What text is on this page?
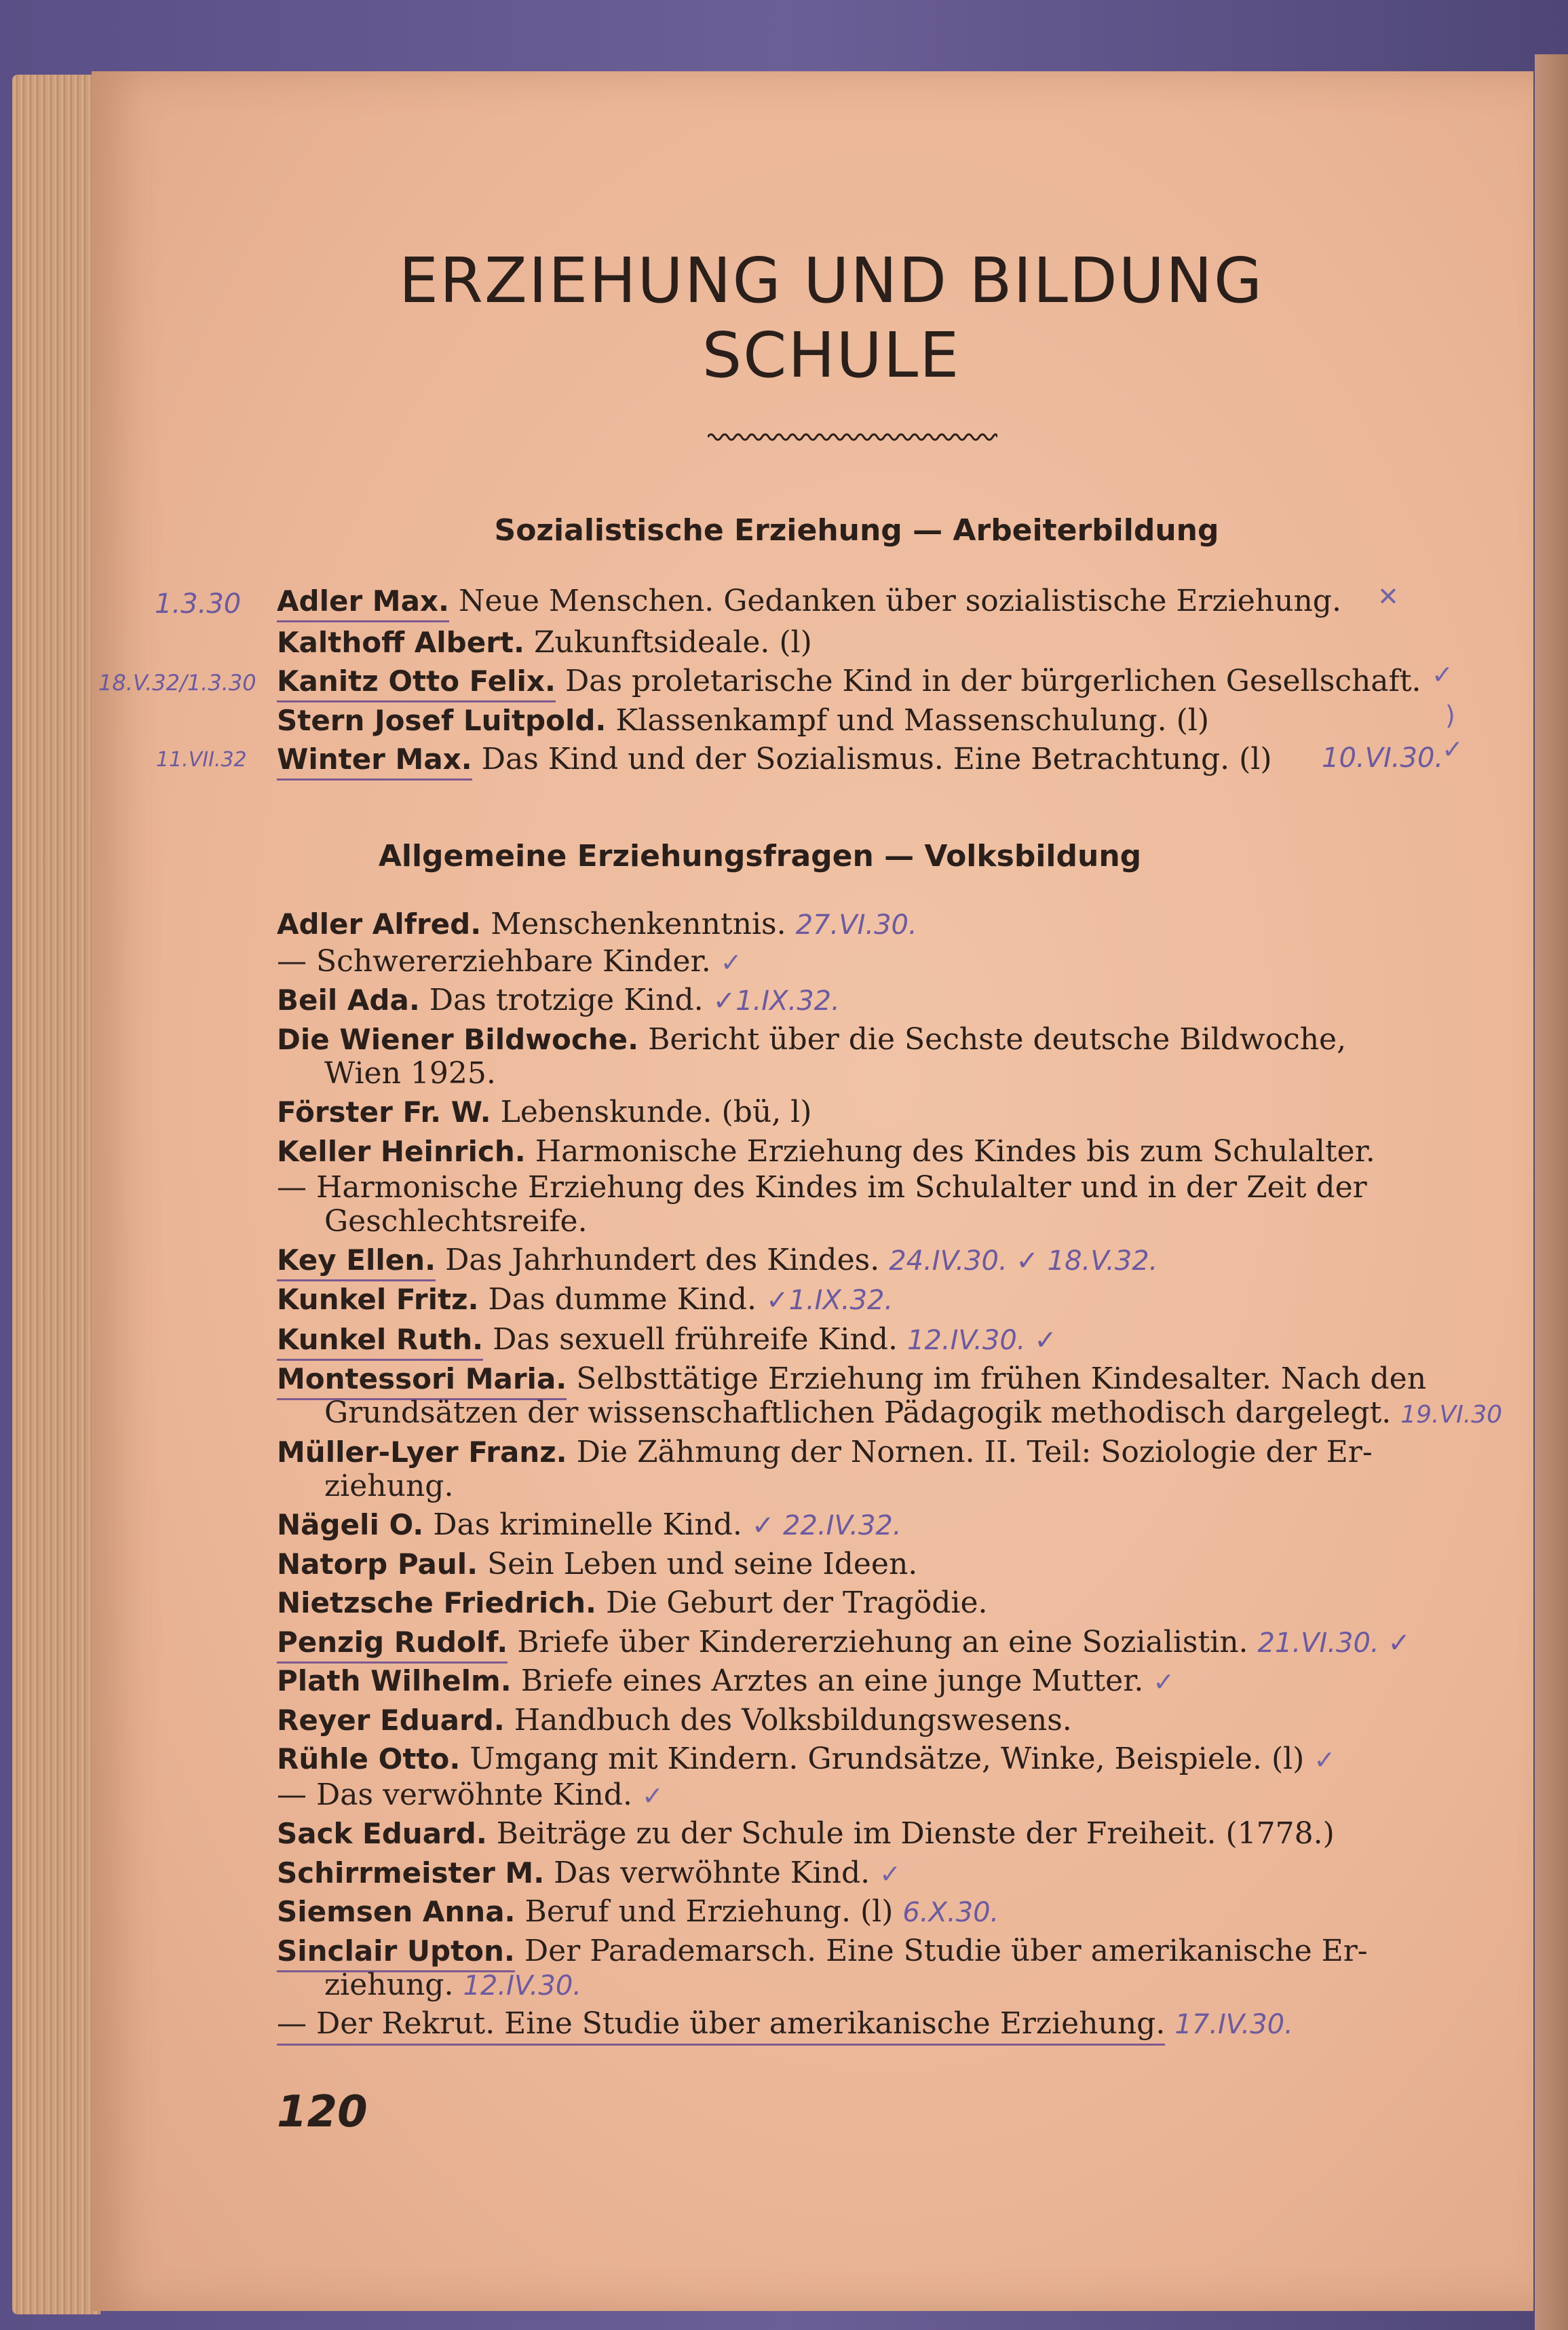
ERZIEHUNG UND BILDUNG
SCHULE
Sozialistische Erziehung — Arbeiterbildung
1.3.30 Adler Max. Neue Menschen. Gedanken über sozialistische Erziehung. ✕
Kalthoff Albert. Zukunftsideale. (l)
18.V.32/1.3.30 Kanitz Otto Felix. Das proletarische Kind in der bürgerlichen Gesellschaft. ✓
Stern Josef Luitpold. Klassenkampf und Massenschulung. (l)	)
11.VII.32 Winter Max. Das Kind und der Sozialismus. Eine Betrachtung. (l) 10.VI.30.
✓
Allgemeine Erziehungsfragen — Volksbildung
Adler Alfred. Menschenkenntnis. 27.VI.30.
— Schwererziehbare Kinder. ✓
Beil Ada. Das trotzige Kind. ✓1.IX.32.
Die Wiener Bildwoche. Bericht über die Sechste deutsche Bildwoche,
Wien 1925.
Förster Fr. W. Lebenskunde. (bü, l)
Keller Heinrich. Harmonische Erziehung des Kindes bis zum Schulalter.
— Harmonische Erziehung des Kindes im Schulalter und in der Zeit der
Geschlechtsreife.
Key Ellen. Das Jahrhundert des Kindes. 24.IV.30. ✓ 18.V.32.
Kunkel Fritz. Das dumme Kind. ✓1.IX.32.
Kunkel Ruth. Das sexuell frühreife Kind. 12.IV.30. ✓
Montessori Maria. Selbsttätige Erziehung im frühen Kindesalter. Nach den
Grundsätzen der wissenschaftlichen Pädagogik methodisch dargelegt. 19.VI.30
Müller-Lyer Franz. Die Zähmung der Nornen. II. Teil: Soziologie der Er-
ziehung.
Nägeli O. Das kriminelle Kind. ✓ 22.IV.32.
Natorp Paul. Sein Leben und seine Ideen.
Nietzsche Friedrich. Die Geburt der Tragödie.
Penzig Rudolf. Briefe über Kindererziehung an eine Sozialistin. 21.VI.30. ✓
Plath Wilhelm. Briefe eines Arztes an eine junge Mutter. ✓
Reyer Eduard. Handbuch des Volksbildungswesens.
Rühle Otto. Umgang mit Kindern. Grundsätze, Winke, Beispiele. (l) ✓
— Das verwöhnte Kind. ✓
Sack Eduard. Beiträge zu der Schule im Dienste der Freiheit. (1778.)
Schirrmeister M. Das verwöhnte Kind. ✓
Siemsen Anna. Beruf und Erziehung. (l) 6.X.30.
Sinclair Upton. Der Parademarsch. Eine Studie über amerikanische Er-
ziehung. 12.IV.30.
— Der Rekrut. Eine Studie über amerikanische Erziehung. 17.IV.30.
120
